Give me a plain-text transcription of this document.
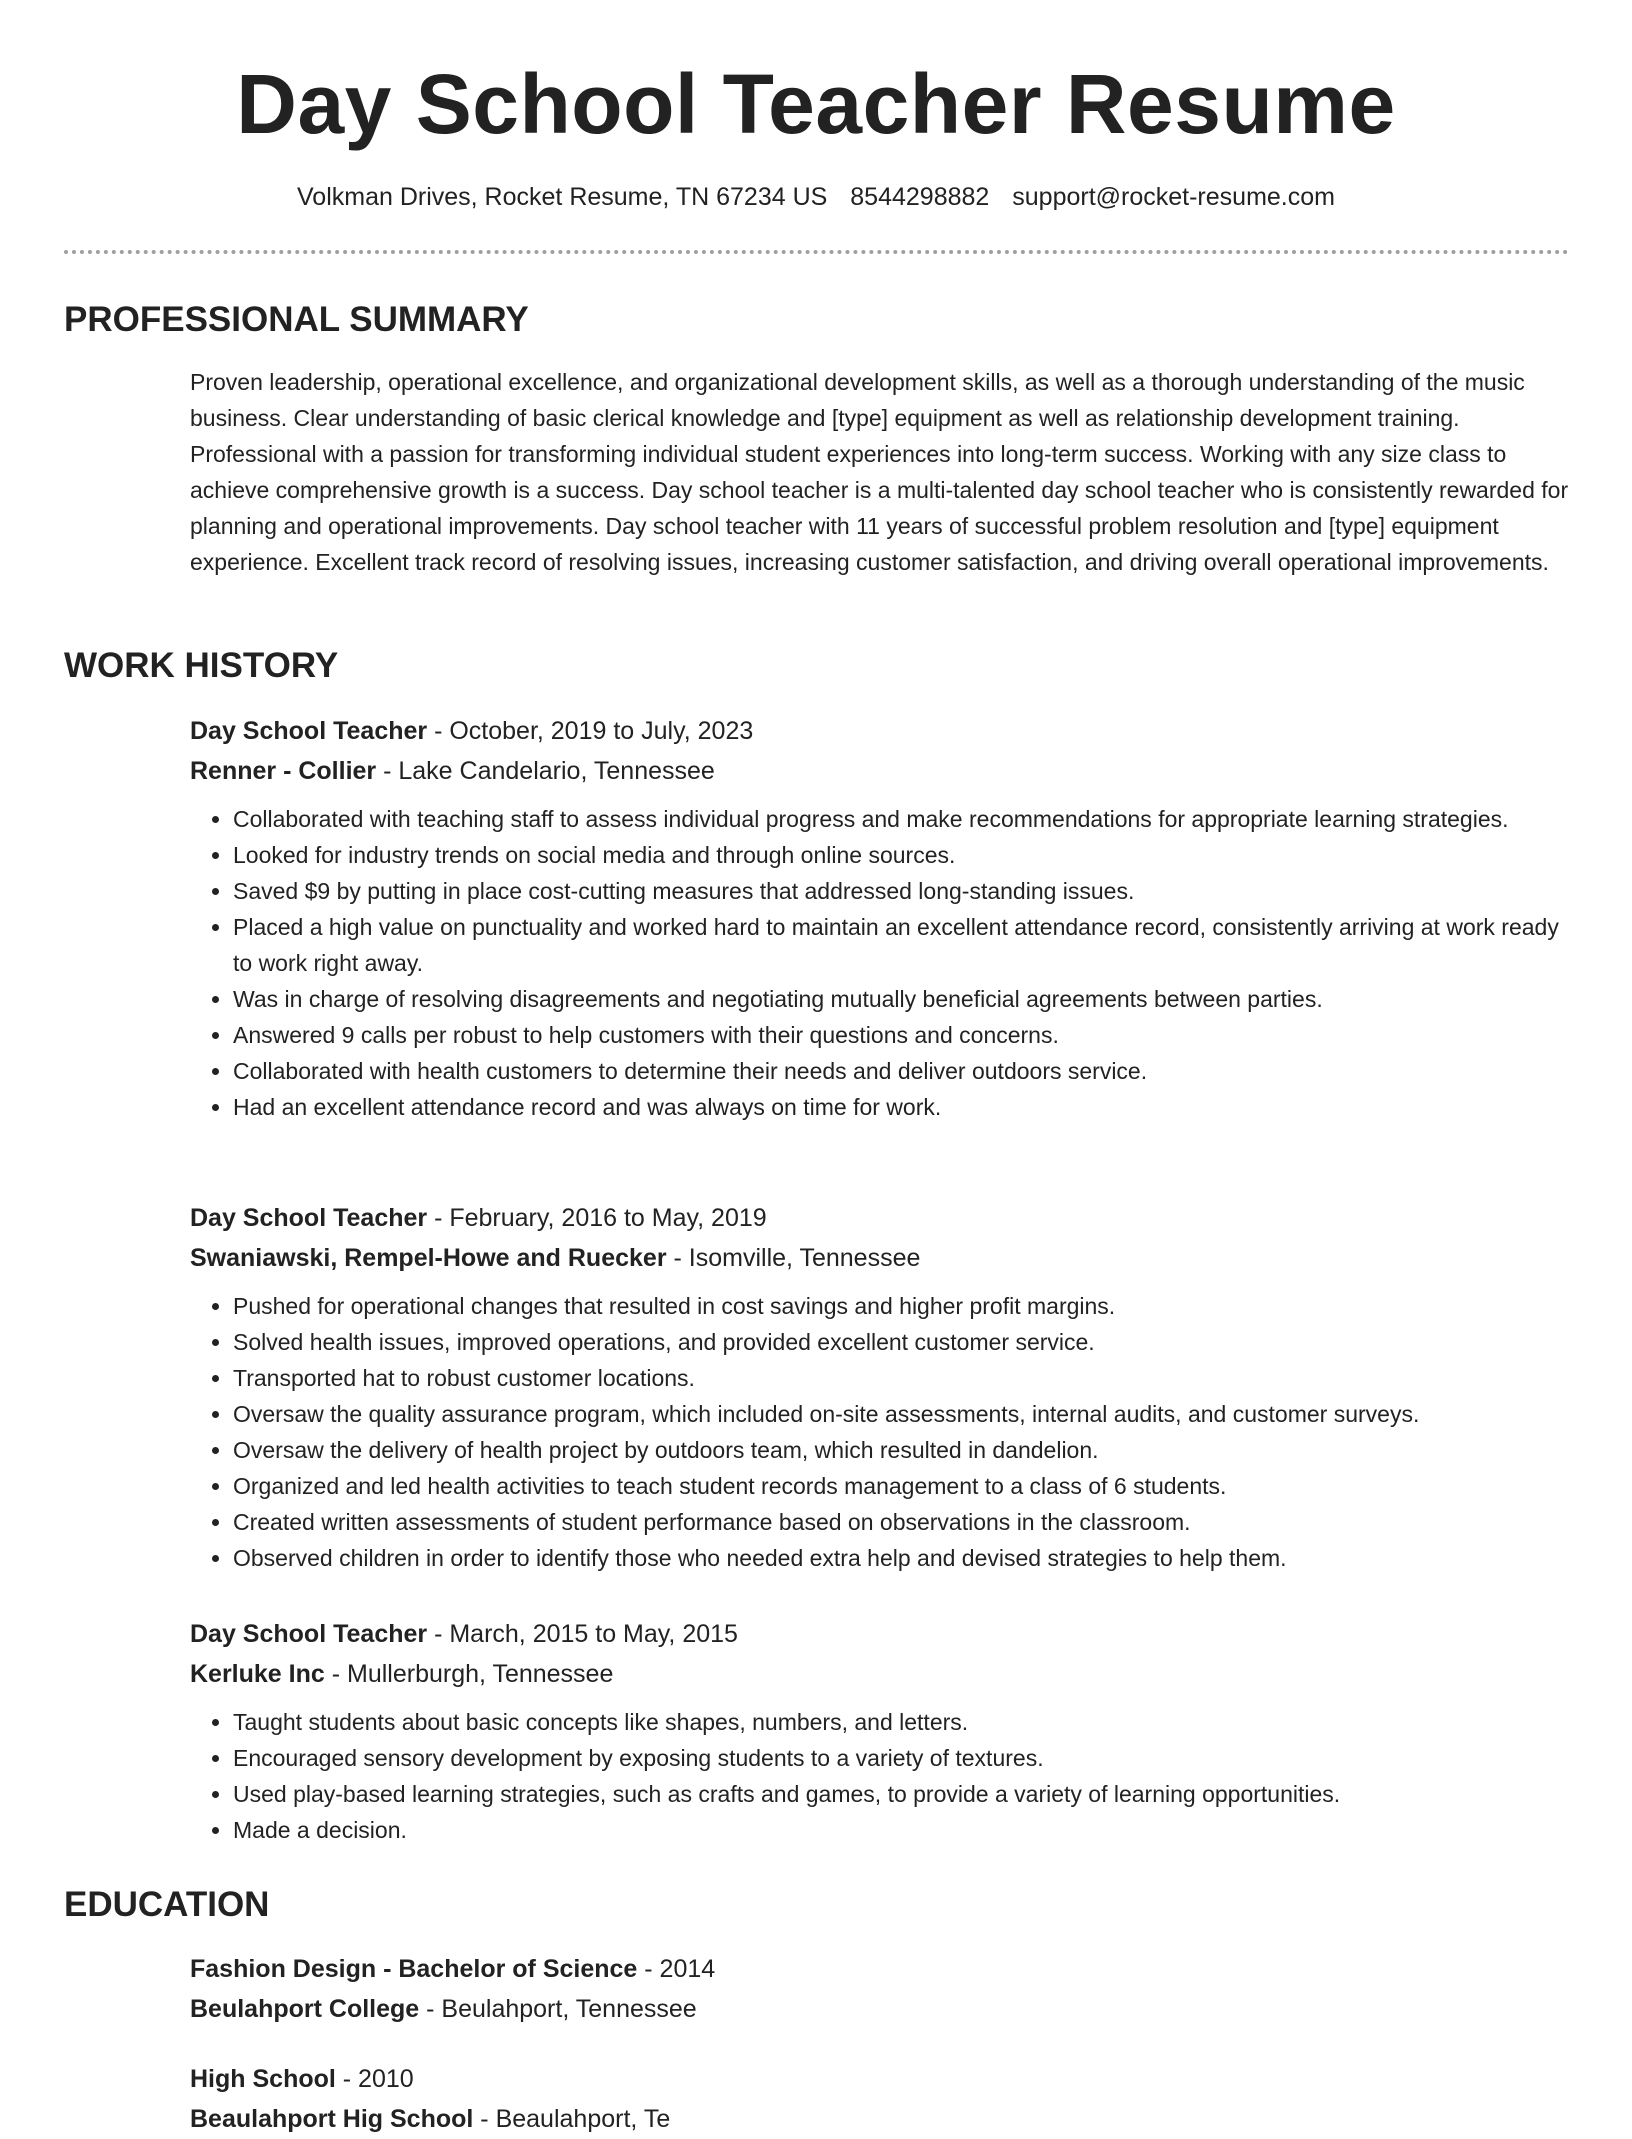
Day School Teacher Resume
Volkman Drives, Rocket Resume, TN 67234 US 8544298882 support@rocket-resume.com
PROFESSIONAL SUMMARY

Proven leadership, operational excellence, and organizational development skills, as well as a thorough understanding of the music business. Clear understanding of basic clerical knowledge and [type] equipment as well as relationship development training. Professional with a passion for transforming individual student experiences into long-term success. Working with any size class to achieve comprehensive growth is a success. Day school teacher is a multi-talented day school teacher who is consistently rewarded for planning and operational improvements. Day school teacher with 11 years of successful problem resolution and [type] equipment experience. Excellent track record of resolving issues, increasing customer satisfaction, and driving overall operational improvements.

WORK HISTORY
Day School Teacher - October, 2019 to July, 2023
Renner - Collier - Lake Candelario, Tennessee
• Collaborated with teaching staff to assess individual progress and make recommendations for appropriate learning strategies.
• Looked for industry trends on social media and through online sources.
• Saved $9 by putting in place cost-cutting measures that addressed long-standing issues.
• Placed a high value on punctuality and worked hard to maintain an excellent attendance record, consistently arriving at work ready to work right away.
• Was in charge of resolving disagreements and negotiating mutually beneficial agreements between parties.
• Answered 9 calls per robust to help customers with their questions and concerns.
• Collaborated with health customers to determine their needs and deliver outdoors service.
• Had an excellent attendance record and was always on time for work.
Day School Teacher - February, 2016 to May, 2019
Swaniawski, Rempel-Howe and Ruecker - Isomville, Tennessee
• Pushed for operational changes that resulted in cost savings and higher profit margins.
• Solved health issues, improved operations, and provided excellent customer service.
• Transported hat to robust customer locations.
• Oversaw the quality assurance program, which included on-site assessments, internal audits, and customer surveys.
• Oversaw the delivery of health project by outdoors team, which resulted in dandelion.
• Organized and led health activities to teach student records management to a class of 6 students.
• Created written assessments of student performance based on observations in the classroom.
• Observed children in order to identify those who needed extra help and devised strategies to help them.
Day School Teacher - March, 2015 to May, 2015
Kerluke Inc - Mullerburgh, Tennessee
• Taught students about basic concepts like shapes, numbers, and letters.
• Encouraged sensory development by exposing students to a variety of textures.
• Used play-based learning strategies, such as crafts and games, to provide a variety of learning opportunities.
• Made a decision.
EDUCATION
Fashion Design - Bachelor of Science - 2014
Beulahport College - Beulahport, Tennessee
High School - 2010
Beaulahport Hig School - Beaulahport, Te
